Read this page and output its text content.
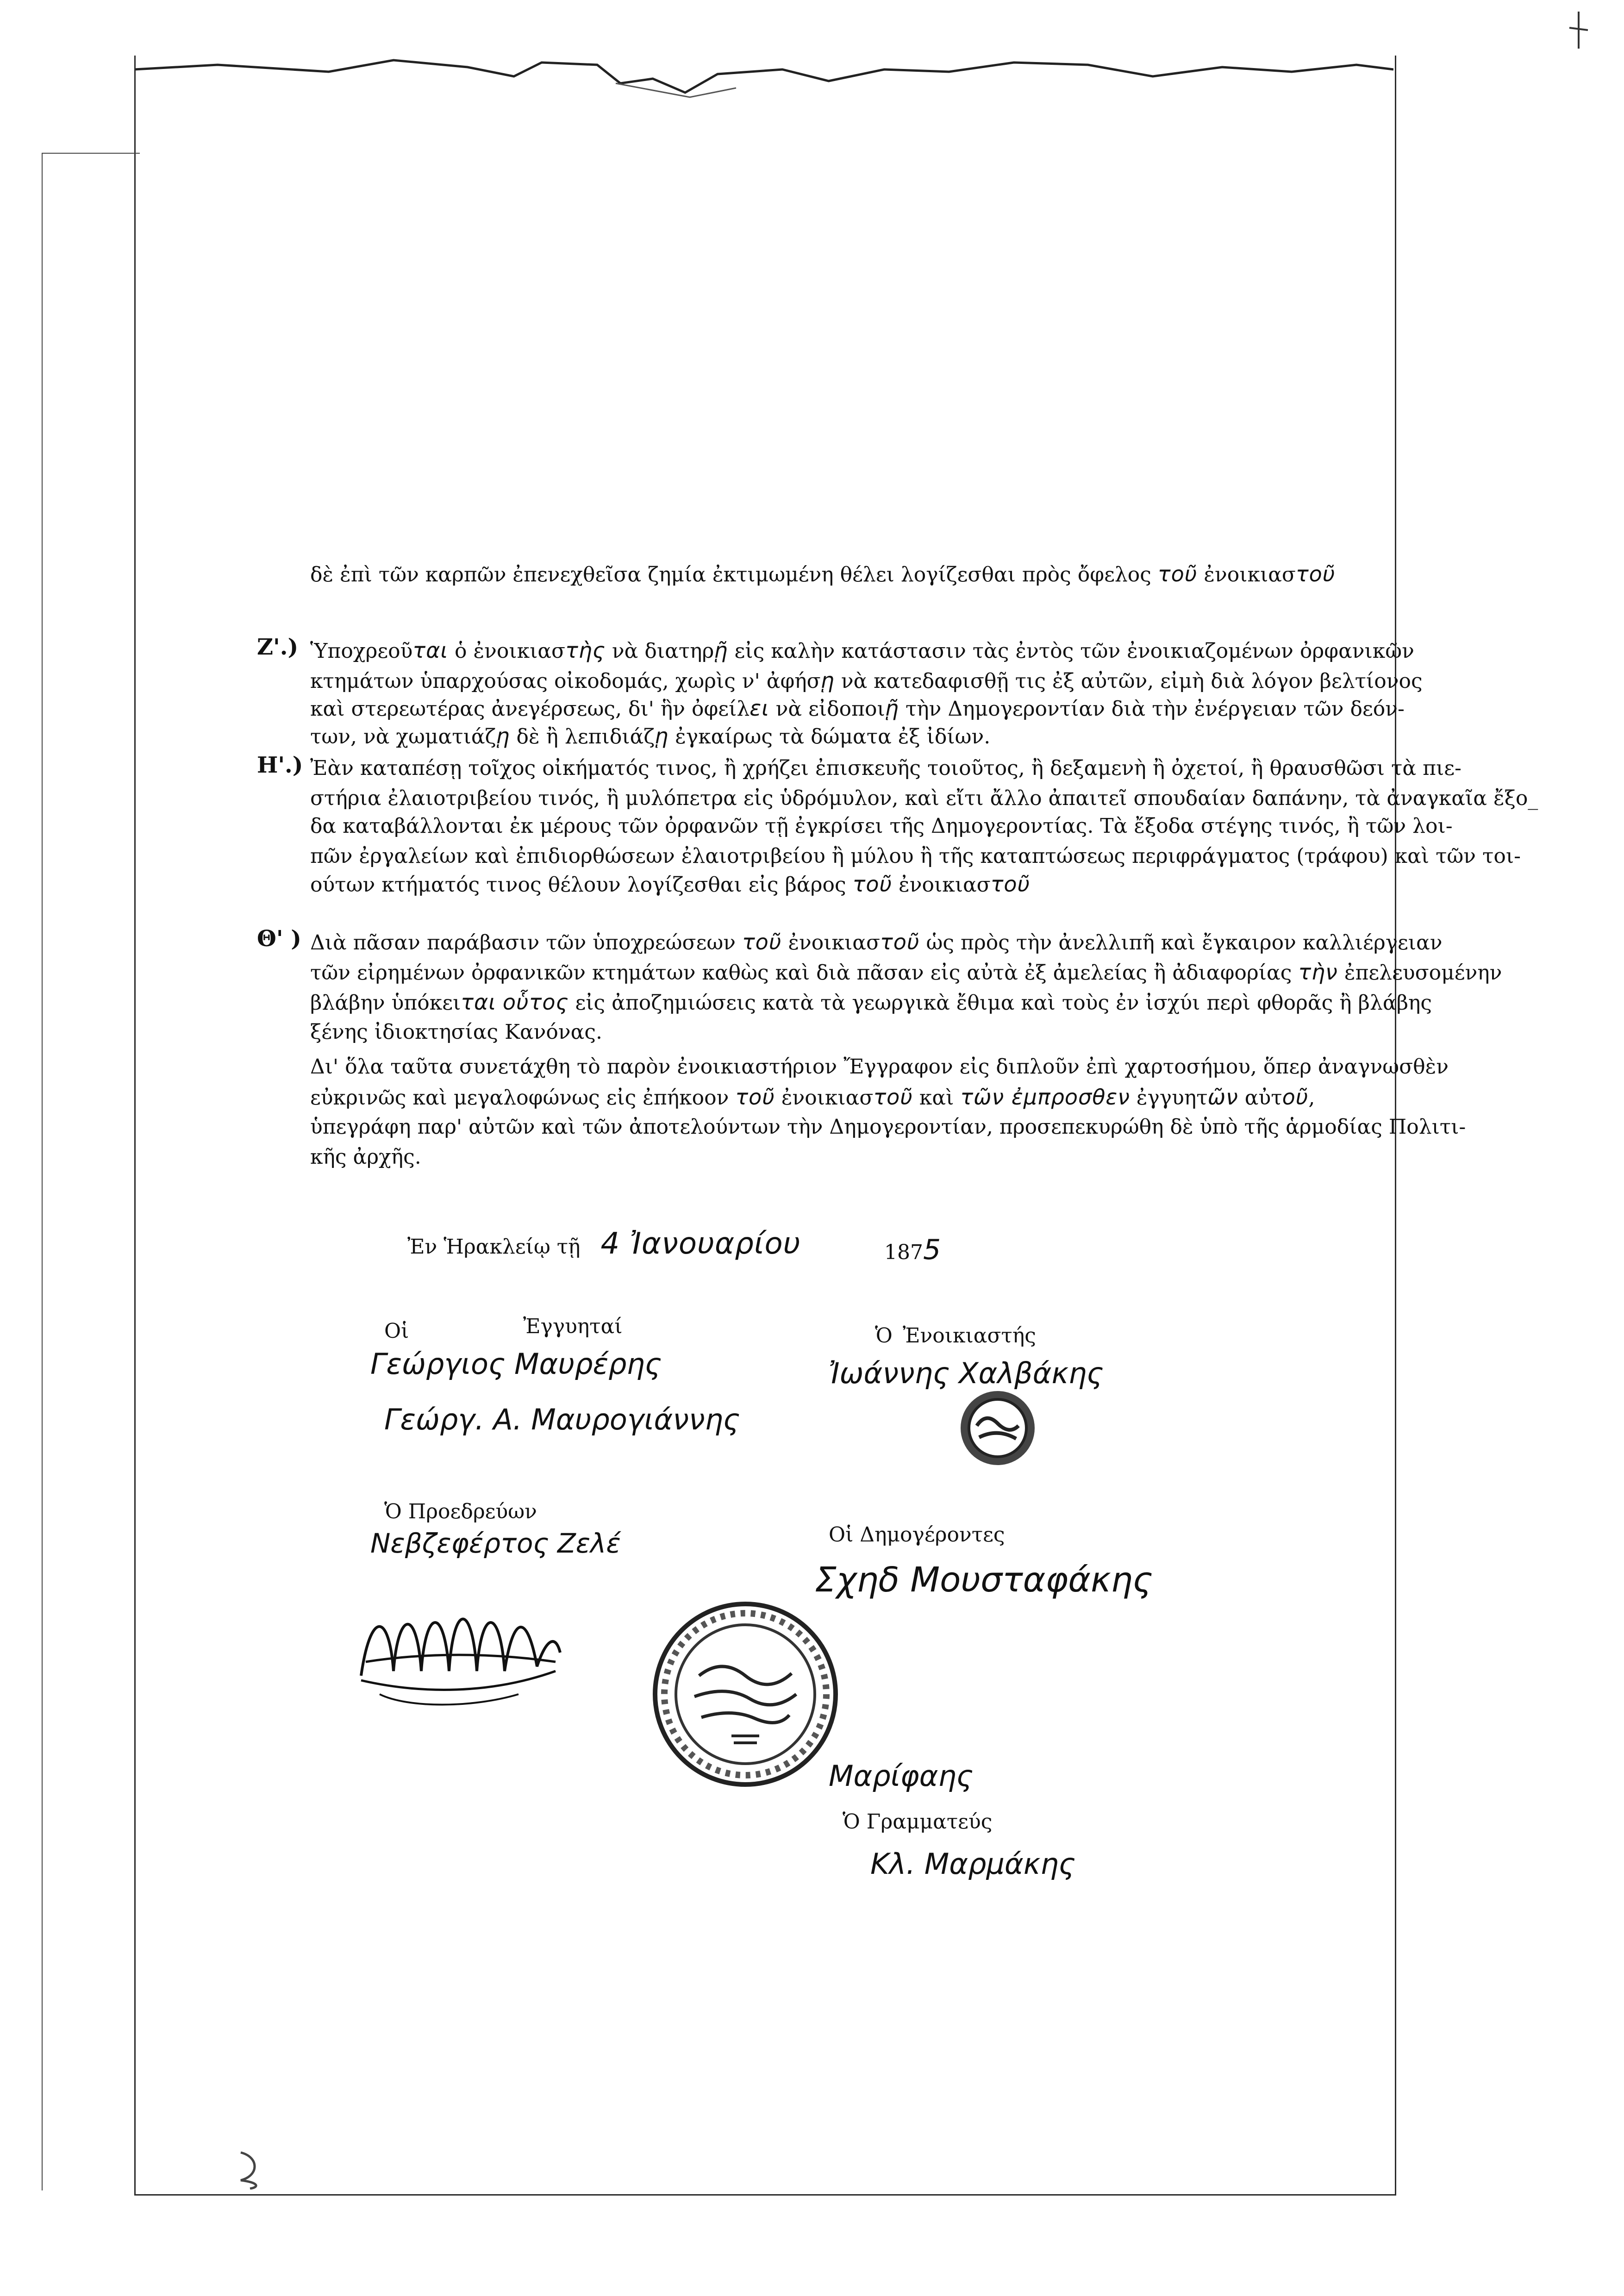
δὲ ἐπὶ τῶν καρπῶν ἐπενεχθεῖσα ζημία ἐκτιμωμένη θέλει λογίζεσθαι πρὸς ὄφελος τοῦ ἐνοικιαστοῦ
Ζ'.) Ὑποχρεοῦται ὁ ἐνοικιαστὴς νὰ διατηρῇ εἰς καλὴν κατάστασιν τὰς ἐντὸς τῶν ἐνοικιαζομένων ὀρφανικῶν
κτημάτων ὑπαρχούσας οἰκοδομάς, χωρὶς ν' ἀφήσῃ νὰ κατεδαφισθῇ τις ἐξ αὐτῶν, εἰμὴ διὰ λόγον βελτίονος
καὶ στερεωτέρας ἀνεγέρσεως, δι' ἣν ὀφείλει νὰ εἰδοποιῇ τὴν Δημογεροντίαν διὰ τὴν ἐνέργειαν τῶν δεόν-
των, νὰ χωματιάζῃ δὲ ἢ λεπιδιάζῃ ἐγκαίρως τὰ δώματα ἐξ ἰδίων.
Η'.) Ἐὰν καταπέσῃ τοῖχος οἰκήματός τινος, ἢ χρήζει ἐπισκευῆς τοιοῦτος, ἢ δεξαμενὴ ἢ ὀχετοί, ἢ θραυσθῶσι τὰ πιε-
στήρια ἐλαιοτριβείου τινός, ἢ μυλόπετρα εἰς ὑδρόμυλον, καὶ εἴτι ἄλλο ἀπαιτεῖ σπουδαίαν δαπάνην, τὰ ἀναγκαῖα ἔξο_
δα καταβάλλονται ἐκ μέρους τῶν ὀρφανῶν τῇ ἐγκρίσει τῆς Δημογεροντίας. Τὰ ἔξοδα στέγης τινός, ἢ τῶν λοι-
πῶν ἐργαλείων καὶ ἐπιδιορθώσεων ἐλαιοτριβείου ἢ μύλου ἢ τῆς καταπτώσεως περιφράγματος (τράφου) καὶ τῶν τοι-
ούτων κτήματός τινος θέλουν λογίζεσθαι εἰς βάρος τοῦ ἐνοικιαστοῦ
Θ' ) Διὰ πᾶσαν παράβασιν τῶν ὑποχρεώσεων τοῦ ἐνοικιαστοῦ ὡς πρὸς τὴν ἀνελλιπῆ καὶ ἔγκαιρον καλλιέργειαν
τῶν εἰρημένων ὀρφανικῶν κτημάτων καθὼς καὶ διὰ πᾶσαν εἰς αὐτὰ ἐξ ἀμελείας ἢ ἀδιαφορίας τὴν ἐπελευσομένην
βλάβην ὑπόκειται οὗτος εἰς ἀποζημιώσεις κατὰ τὰ γεωργικὰ ἔθιμα καὶ τοὺς ἐν ἰσχύι περὶ φθορᾶς ἢ βλάβης
ξένης ἰδιοκτησίας Κανόνας.
Δι' ὅλα ταῦτα συνετάχθη τὸ παρὸν ἐνοικιαστήριον Ἔγγραφον εἰς διπλοῦν ἐπὶ χαρτοσήμου, ὅπερ ἀναγνωσθὲν
εὐκρινῶς καὶ μεγαλοφώνως εἰς ἐπήκοον τοῦ ἐνοικιαστοῦ καὶ τῶν ἐμπροσθεν ἐγγυητῶν αὐτοῦ,
ὑπεγράφη παρ' αὐτῶν καὶ τῶν ἀποτελούντων τὴν Δημογεροντίαν, προσεπεκυρώθη δὲ ὑπὸ τῆς ἁρμοδίας Πολιτι-
κῆς ἀρχῆς.
Ἐν Ἡρακλείῳ τῇ 4 Ἰανουαρίου	1875
Οἱ	Ἐγγυηταί
Γεώργιος Μαυρέρης
Γεώργ. Α. Μαυρογιάννης
Ὁ Ἐνοικιαστής
Ἰωάννης Χαλβάκης
Ὁ Προεδρεύων
Νεβζεφέρτος Ζελέ	Οἱ Δημογέροντες
Σχηδ Μουσταφάκης
Μαρίφαης
Ὁ Γραμματεύς
Κλ. Μαρμάκης
